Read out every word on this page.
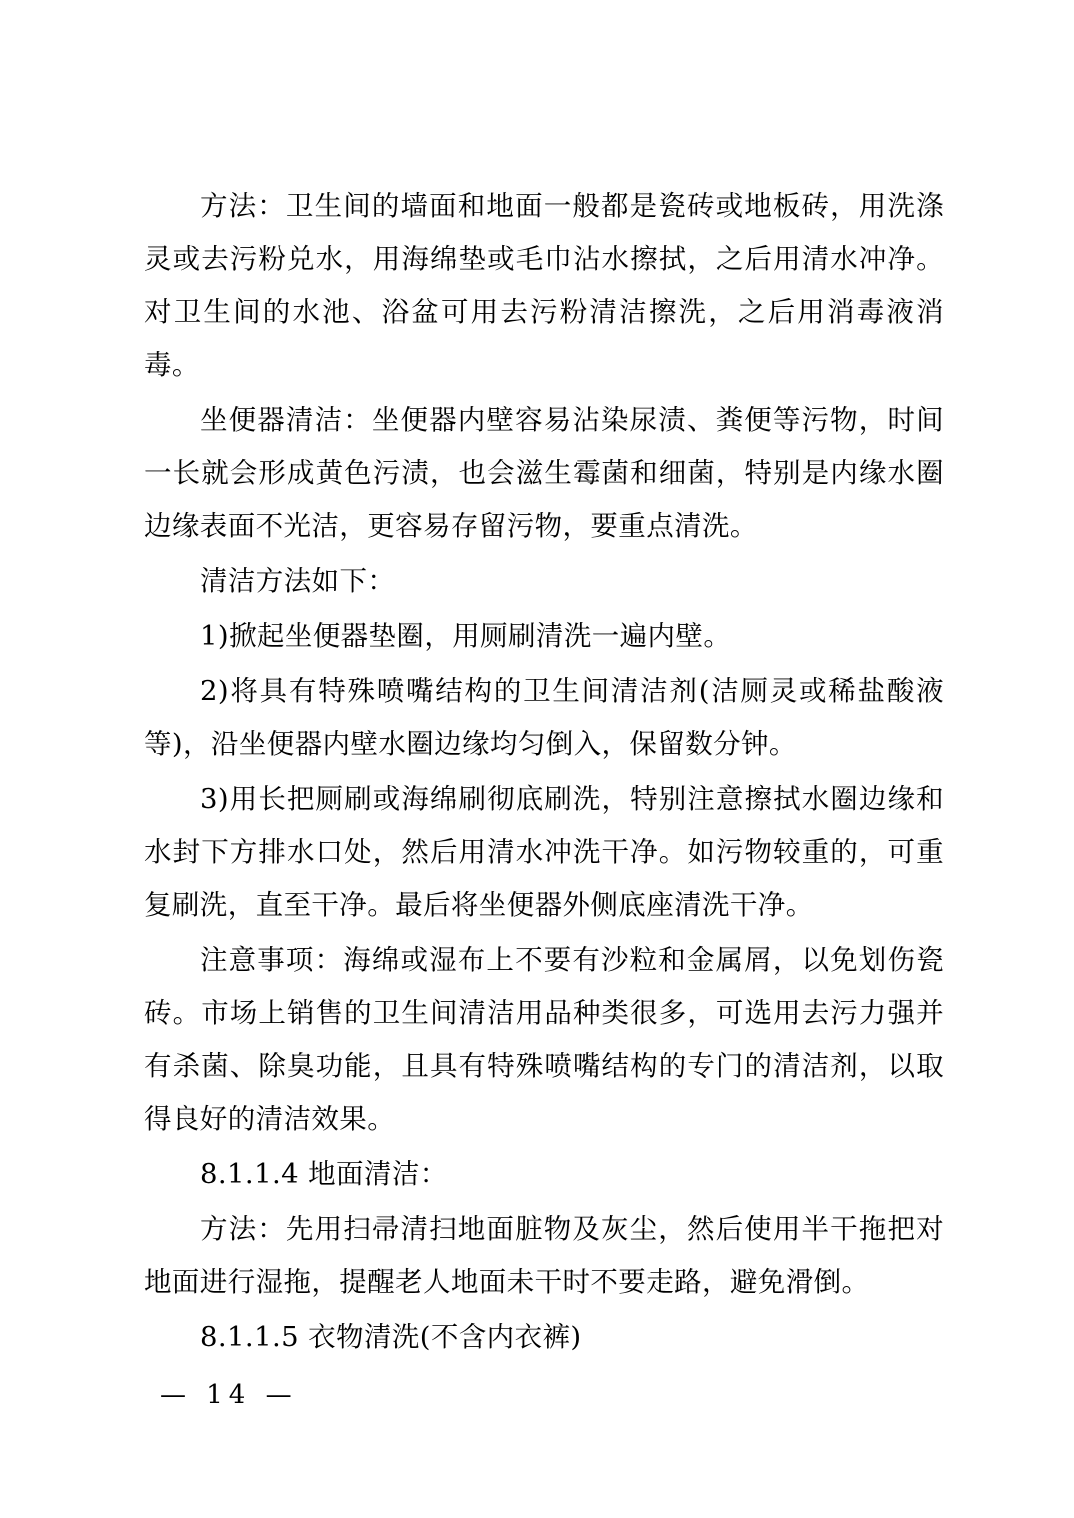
方法：卫生间的墙面和地面一般都是瓷砖或地板砖，用洗涤灵或去污粉兑水，用海绵垫或毛巾沾水擦拭，之后用清水冲净。对卫生间的水池、浴盆可用去污粉清洁擦洗，之后用消毒液消毒。

坐便器清洁：坐便器内壁容易沾染尿渍、粪便等污物，时间一长就会形成黄色污渍，也会滋生霉菌和细菌，特别是内缘水圈边缘表面不光洁，更容易存留污物，要重点清洗。

清洁方法如下：

1)掀起坐便器垫圈，用厕刷清洗一遍内壁。

2)将具有特殊喷嘴结构的卫生间清洁剂(洁厕灵或稀盐酸液等)，沿坐便器内壁水圈边缘均匀倒入，保留数分钟。

3)用长把厕刷或海绵刷彻底刷洗，特别注意擦拭水圈边缘和水封下方排水口处，然后用清水冲洗干净。如污物较重的，可重复刷洗，直至干净。最后将坐便器外侧底座清洗干净。

注意事项：海绵或湿布上不要有沙粒和金属屑，以免划伤瓷砖。市场上销售的卫生间清洁用品种类很多，可选用去污力强并有杀菌、除臭功能，且具有特殊喷嘴结构的专门的清洁剂，以取得良好的清洁效果。

8.1.1.4 地面清洁：

方法：先用扫帚清扫地面脏物及灰尘，然后使用半干拖把对地面进行湿拖，提醒老人地面未干时不要走路，避免滑倒。

8.1.1.5 衣物清洗(不含内衣裤)

— 14 —
